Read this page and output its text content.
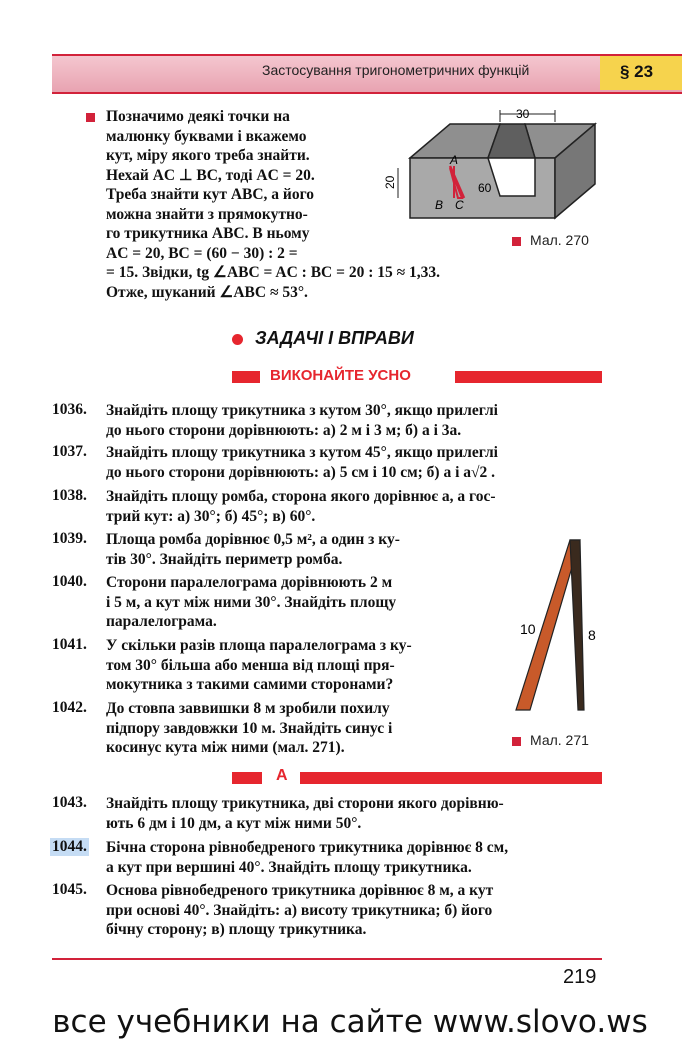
Застосування тригонометричних функцій	§ 23
Позначимо деякі точки на
малюнку буквами і вкажемо
кут, міру якого треба знайти.
Нехай AC ⊥ BC, тоді AC = 20.
Треба знайти кут ABC, а його
можна знайти з прямокутно-
го трикутника ABC. В ньому
AC = 20, BC = (60 − 30) : 2 =
= 15. Звідки, tg ∠ABC = AC : BC = 20 : 15 ≈ 1,33.
Отже, шуканий ∠ABC ≈ 53°.
30
20	60
A
B C
Мал. 270
ЗАДАЧІ І ВПРАВИ
ВИКОНАЙТЕ УСНО
1036. Знайдіть площу трикутника з кутом 30°, якщо прилеглі
до нього сторони дорівнюють: а) 2 м і 3 м; б) a і 3a.
1037. Знайдіть площу трикутника з кутом 45°, якщо прилеглі
до нього сторони дорівнюють: а) 5 см і 10 см; б) a і a√2 .
1038. Знайдіть площу ромба, сторона якого дорівнює a, а гос-
трий кут: а) 30°; б) 45°; в) 60°.
1039. Площа ромба дорівнює 0,5 м², а один з ку-
тів 30°. Знайдіть периметр ромба.
1040. Сторони паралелограма дорівнюють 2 м
і 5 м, а кут між ними 30°. Знайдіть площу
паралелограма.
1041. У скільки разів площа паралелограма з ку-
том 30° більша або менша від площі пря-
мокутника з такими самими сторонами?
1042. До стовпа заввишки 8 м зробили похилу
підпору завдовжки 10 м. Знайдіть синус і
косинус кута між ними (мал. 271).
10	8
Мал. 271
А
1043. Знайдіть площу трикутника, дві сторони якого дорівню-
ють 6 дм і 10 дм, а кут між ними 50°.
1044. Бічна сторона рівнобедреного трикутника дорівнює 8 см,
а кут при вершині 40°. Знайдіть площу трикутника.
1045. Основа рівнобедреного трикутника дорівнює 8 м, а кут
при основі 40°. Знайдіть: а) висоту трикутника; б) його
бічну сторону; в) площу трикутника.
219
все учебники на сайте www.slovo.ws
